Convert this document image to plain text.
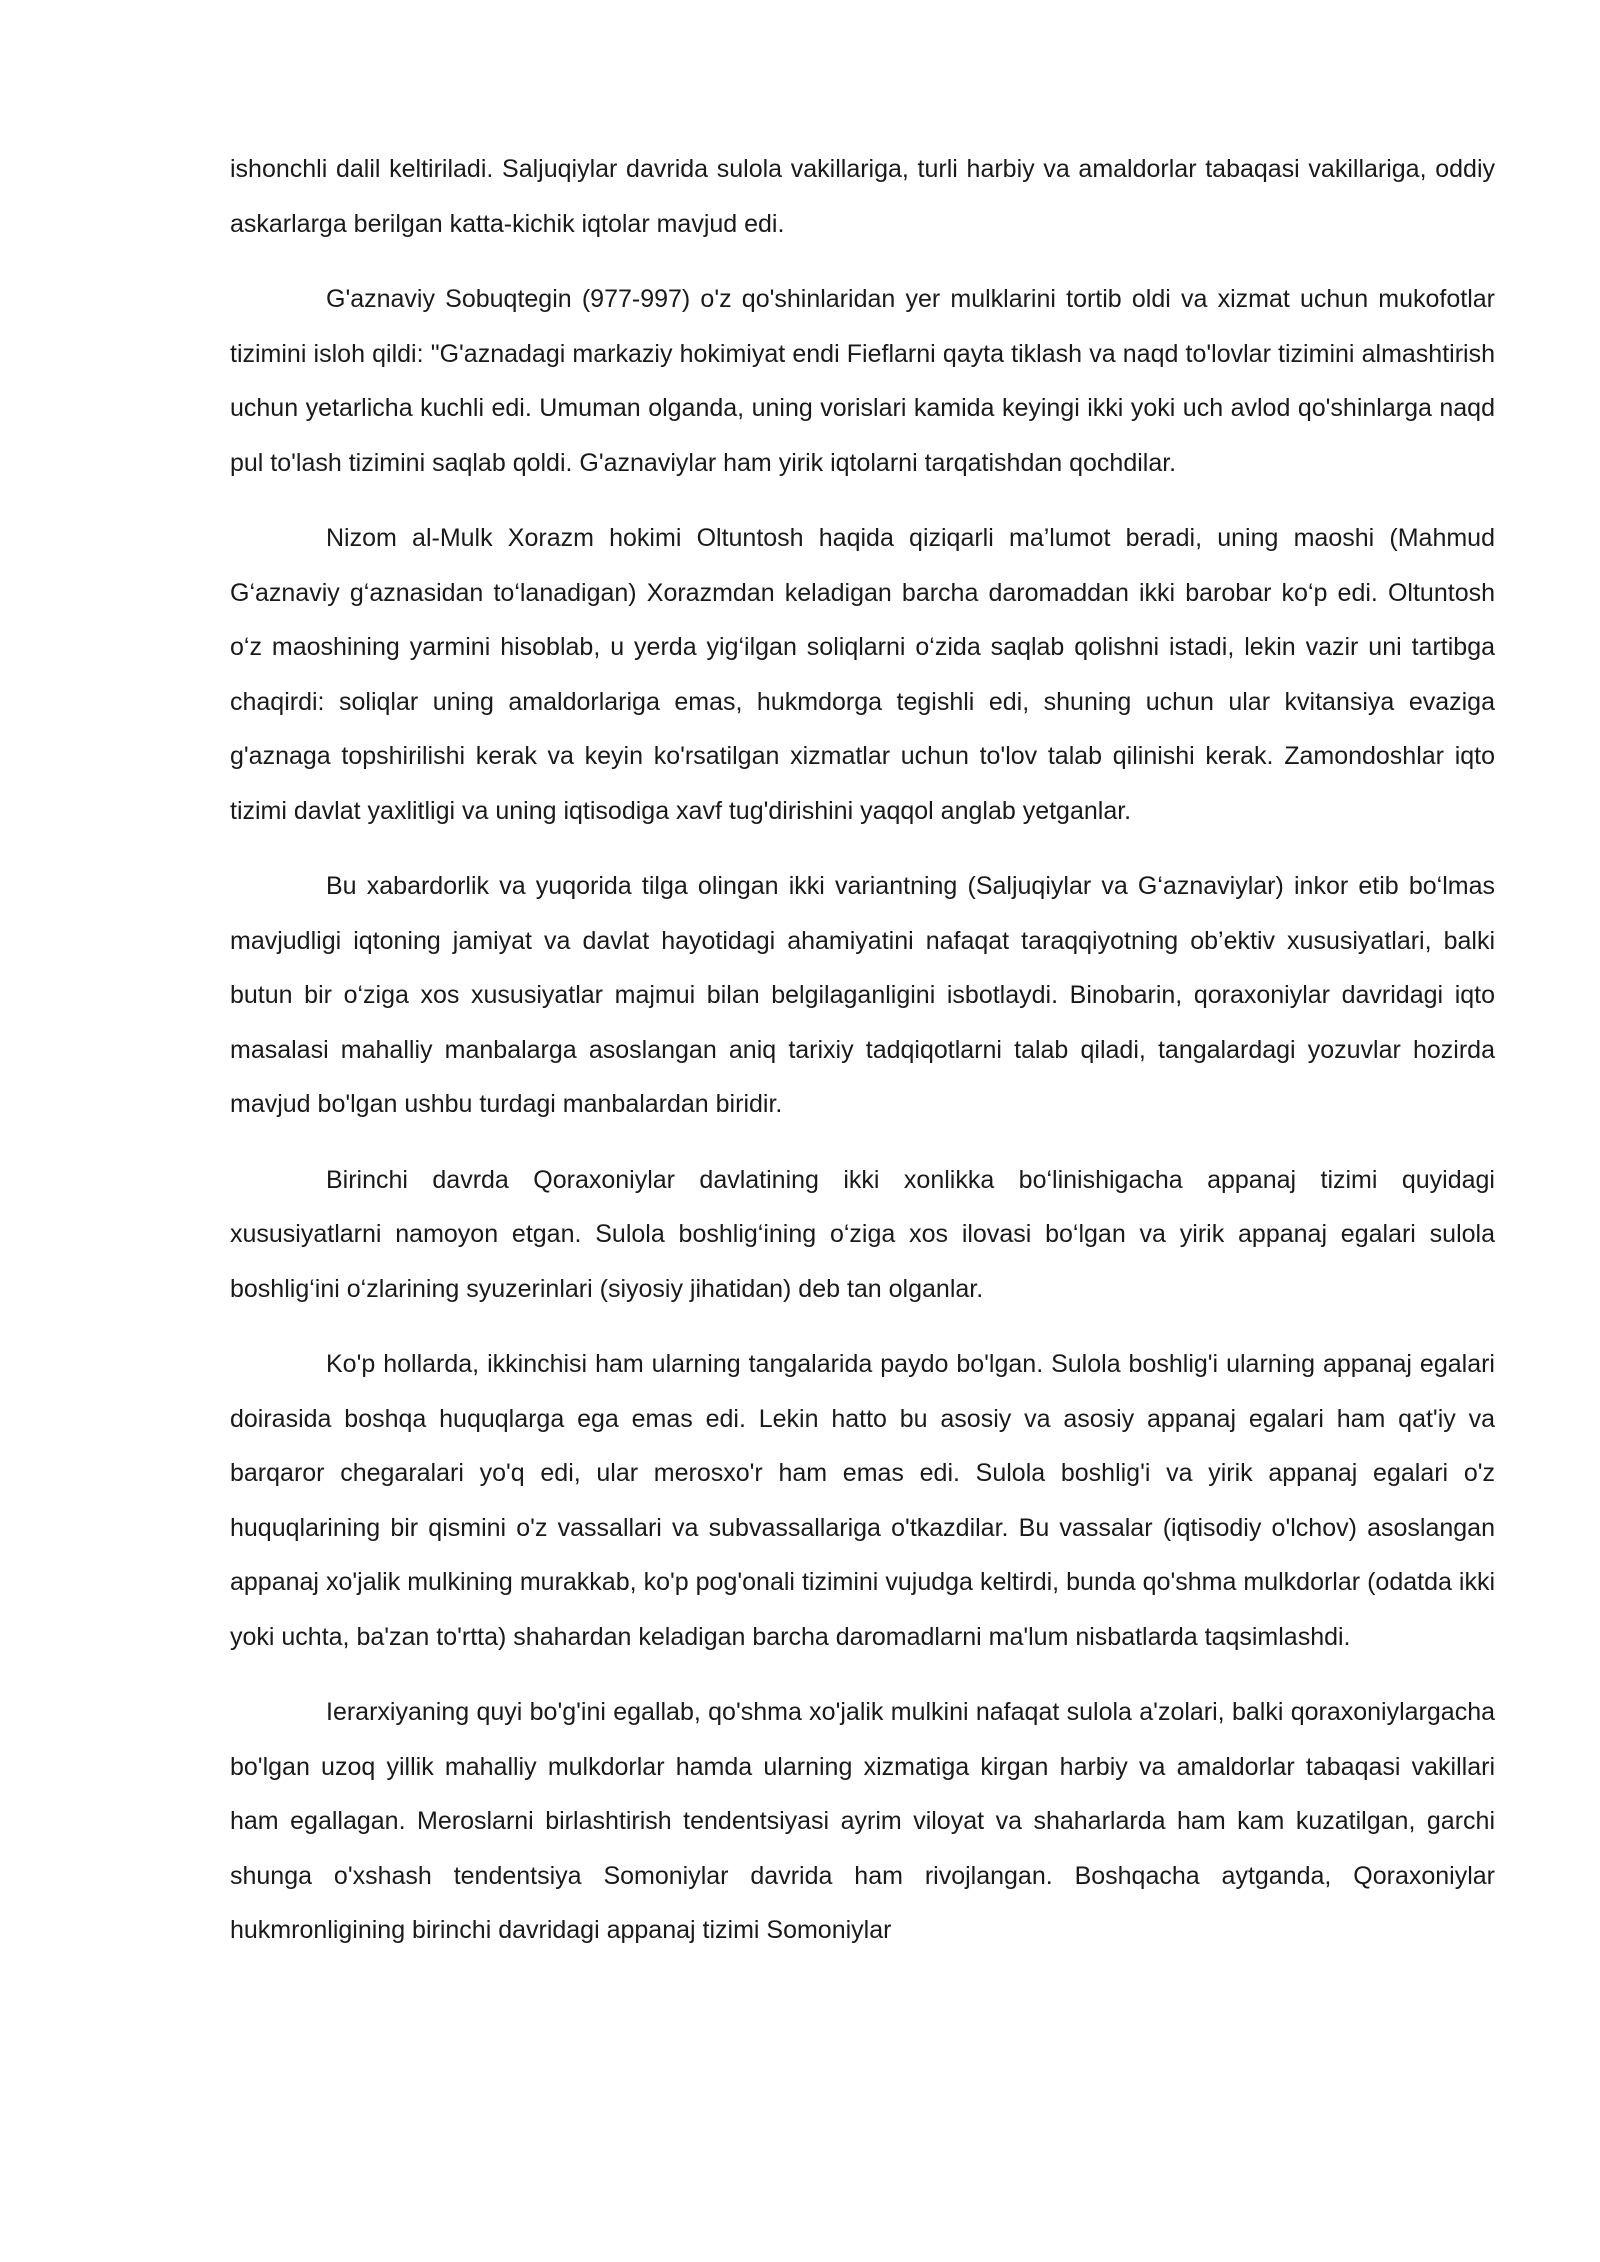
ishonchli dalil keltiriladi. Saljuqiylar davrida sulola vakillariga, turli harbiy va amaldorlar tabaqasi vakillariga, oddiy askarlarga berilgan katta-kichik iqtolar mavjud edi.

G'aznaviy Sobuqtegin (977-997) o'z qo'shinlaridan yer mulklarini tortib oldi va xizmat uchun mukofotlar tizimini isloh qildi: "G'aznadagi markaziy hokimiyat endi Fieflarni qayta tiklash va naqd to'lovlar tizimini almashtirish uchun yetarlicha kuchli edi. Umuman olganda, uning vorislari kamida keyingi ikki yoki uch avlod qo'shinlarga naqd pul to'lash tizimini saqlab qoldi. G'aznaviylar ham yirik iqtolarni tarqatishdan qochdilar.

Nizom al-Mulk Xorazm hokimi Oltuntosh haqida qiziqarli ma’lumot beradi, uning maoshi (Mahmud G‘aznaviy g‘aznasidan to‘lanadigan) Xorazmdan keladigan barcha daromaddan ikki barobar ko‘p edi. Oltuntosh o‘z maoshining yarmini hisoblab, u yerda yig‘ilgan soliqlarni o‘zida saqlab qolishni istadi, lekin vazir uni tartibga chaqirdi: soliqlar uning amaldorlariga emas, hukmdorga tegishli edi, shuning uchun ular kvitansiya evaziga g'aznaga topshirilishi kerak va keyin ko'rsatilgan xizmatlar uchun to'lov talab qilinishi kerak. Zamondoshlar iqto tizimi davlat yaxlitligi va uning iqtisodiga xavf tug'dirishini yaqqol anglab yetganlar.

Bu xabardorlik va yuqorida tilga olingan ikki variantning (Saljuqiylar va G‘aznaviylar) inkor etib bo‘lmas mavjudligi iqtoning jamiyat va davlat hayotidagi ahamiyatini nafaqat taraqqiyotning ob’ektiv xususiyatlari, balki butun bir o‘ziga xos xususiyatlar majmui bilan belgilaganligini isbotlaydi. Binobarin, qoraxoniylar davridagi iqto masalasi mahalliy manbalarga asoslangan aniq tarixiy tadqiqotlarni talab qiladi, tangalardagi yozuvlar hozirda mavjud bo'lgan ushbu turdagi manbalardan biridir.

Birinchi davrda Qoraxoniylar davlatining ikki xonlikka bo‘linishigacha appanaj tizimi quyidagi xususiyatlarni namoyon etgan. Sulola boshlig‘ining o‘ziga xos ilovasi bo‘lgan va yirik appanaj egalari sulola boshlig‘ini o‘zlarining syuzerinlari (siyosiy jihatidan) deb tan olganlar.

Ko'p hollarda, ikkinchisi ham ularning tangalarida paydo bo'lgan. Sulola boshlig'i ularning appanaj egalari doirasida boshqa huquqlarga ega emas edi. Lekin hatto bu asosiy va asosiy appanaj egalari ham qat'iy va barqaror chegaralari yo'q edi, ular merosxo'r ham emas edi. Sulola boshlig'i va yirik appanaj egalari o'z huquqlarining bir qismini o'z vassallari va subvassallariga o'tkazdilar. Bu vassalar (iqtisodiy o'lchov) asoslangan appanaj xo'jalik mulkining murakkab, ko'p pog'onali tizimini vujudga keltirdi, bunda qo'shma mulkdorlar (odatda ikki yoki uchta, ba'zan to'rtta) shahardan keladigan barcha daromadlarni ma'lum nisbatlarda taqsimlashdi.

Ierarxiyaning quyi bo'g'ini egallab, qo'shma xo'jalik mulkini nafaqat sulola a'zolari, balki qoraxoniylargacha bo'lgan uzoq yillik mahalliy mulkdorlar hamda ularning xizmatiga kirgan harbiy va amaldorlar tabaqasi vakillari ham egallagan. Meroslarni birlashtirish tendentsiyasi ayrim viloyat va shaharlarda ham kam kuzatilgan, garchi shunga o'xshash tendentsiya Somoniylar davrida ham rivojlangan. Boshqacha aytganda, Qoraxoniylar hukmronligining birinchi davridagi appanaj tizimi Somoniylar
